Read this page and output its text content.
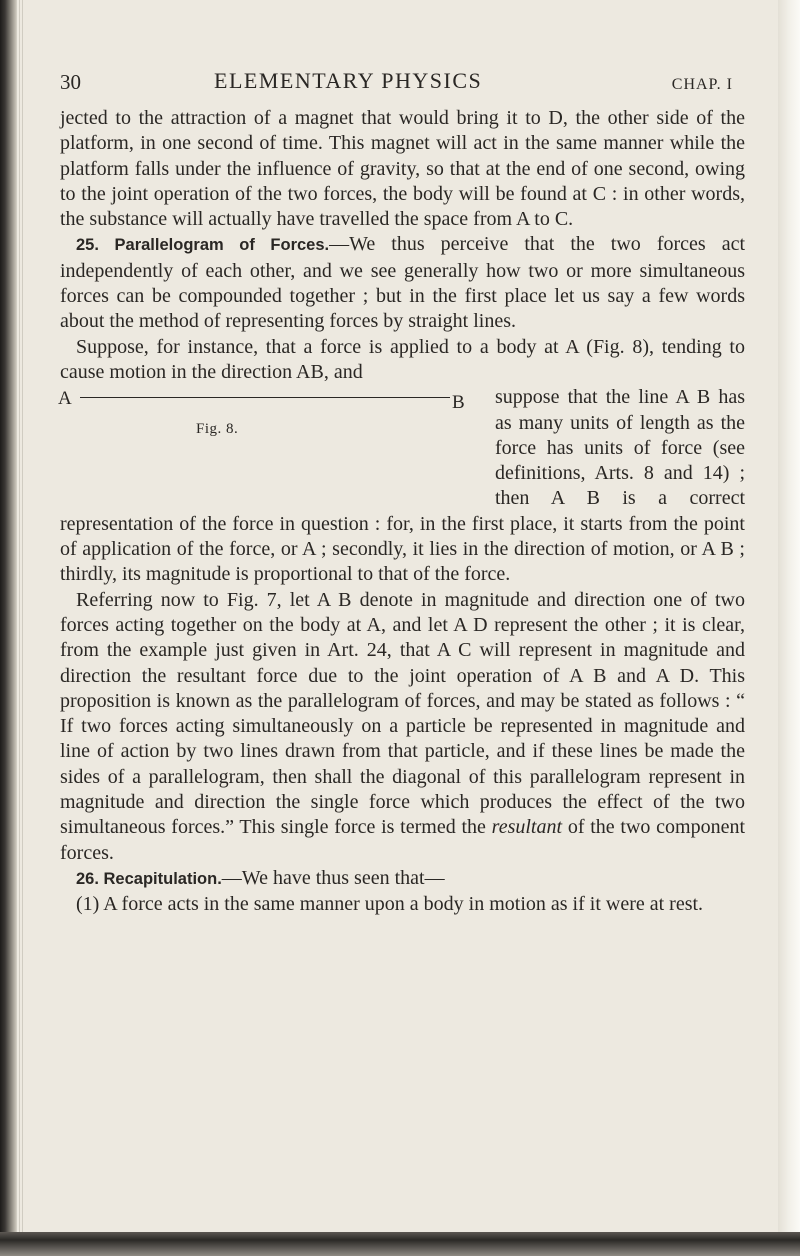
30	ELEMENTARY PHYSICS	CHAP. I

jected to the attraction of a magnet that would bring it to D, the other side of the platform, in one second of time. This magnet will act in the same manner while the platform falls under the influence of gravity, so that at the end of one second, owing to the joint operation of the two forces, the body will be found at C : in other words, the substance will actually have travelled the space from A to C.

25. Parallelogram of Forces.—We thus perceive that the two forces act independently of each other, and we see generally how two or more simultaneous forces can be compounded together ; but in the first place let us say a few words about the method of representing forces by straight lines.

Suppose, for instance, that a force is applied to a body at A (Fig. 8), tending to cause motion in the direction AB, and

A	B
Fig. 8.

suppose that the line A B has as many units of length as the force has units of force (see definitions, Arts. 8 and 14) ; then A B is a correct representation of the force in question : for, in the first place, it starts from the point of application of the force, or A ; secondly, it lies in the direction of motion, or A B ; thirdly, its magnitude is proportional to that of the force.

Referring now to Fig. 7, let A B denote in magnitude and direction one of two forces acting together on the body at A, and let A D represent the other ; it is clear, from the example just given in Art. 24, that A C will represent in magnitude and direction the resultant force due to the joint operation of A B and A D. This proposition is known as the parallelogram of forces, and may be stated as follows : “ If two forces acting simultaneously on a particle be represented in magnitude and line of action by two lines drawn from that particle, and if these lines be made the sides of a parallelogram, then shall the diagonal of this parallelogram represent in magnitude and direction the single force which produces the effect of the two simultaneous forces.” This single force is termed the resultant of the two component forces.

26. Recapitulation.—We have thus seen that—

(1) A force acts in the same manner upon a body in motion as if it were at rest.
